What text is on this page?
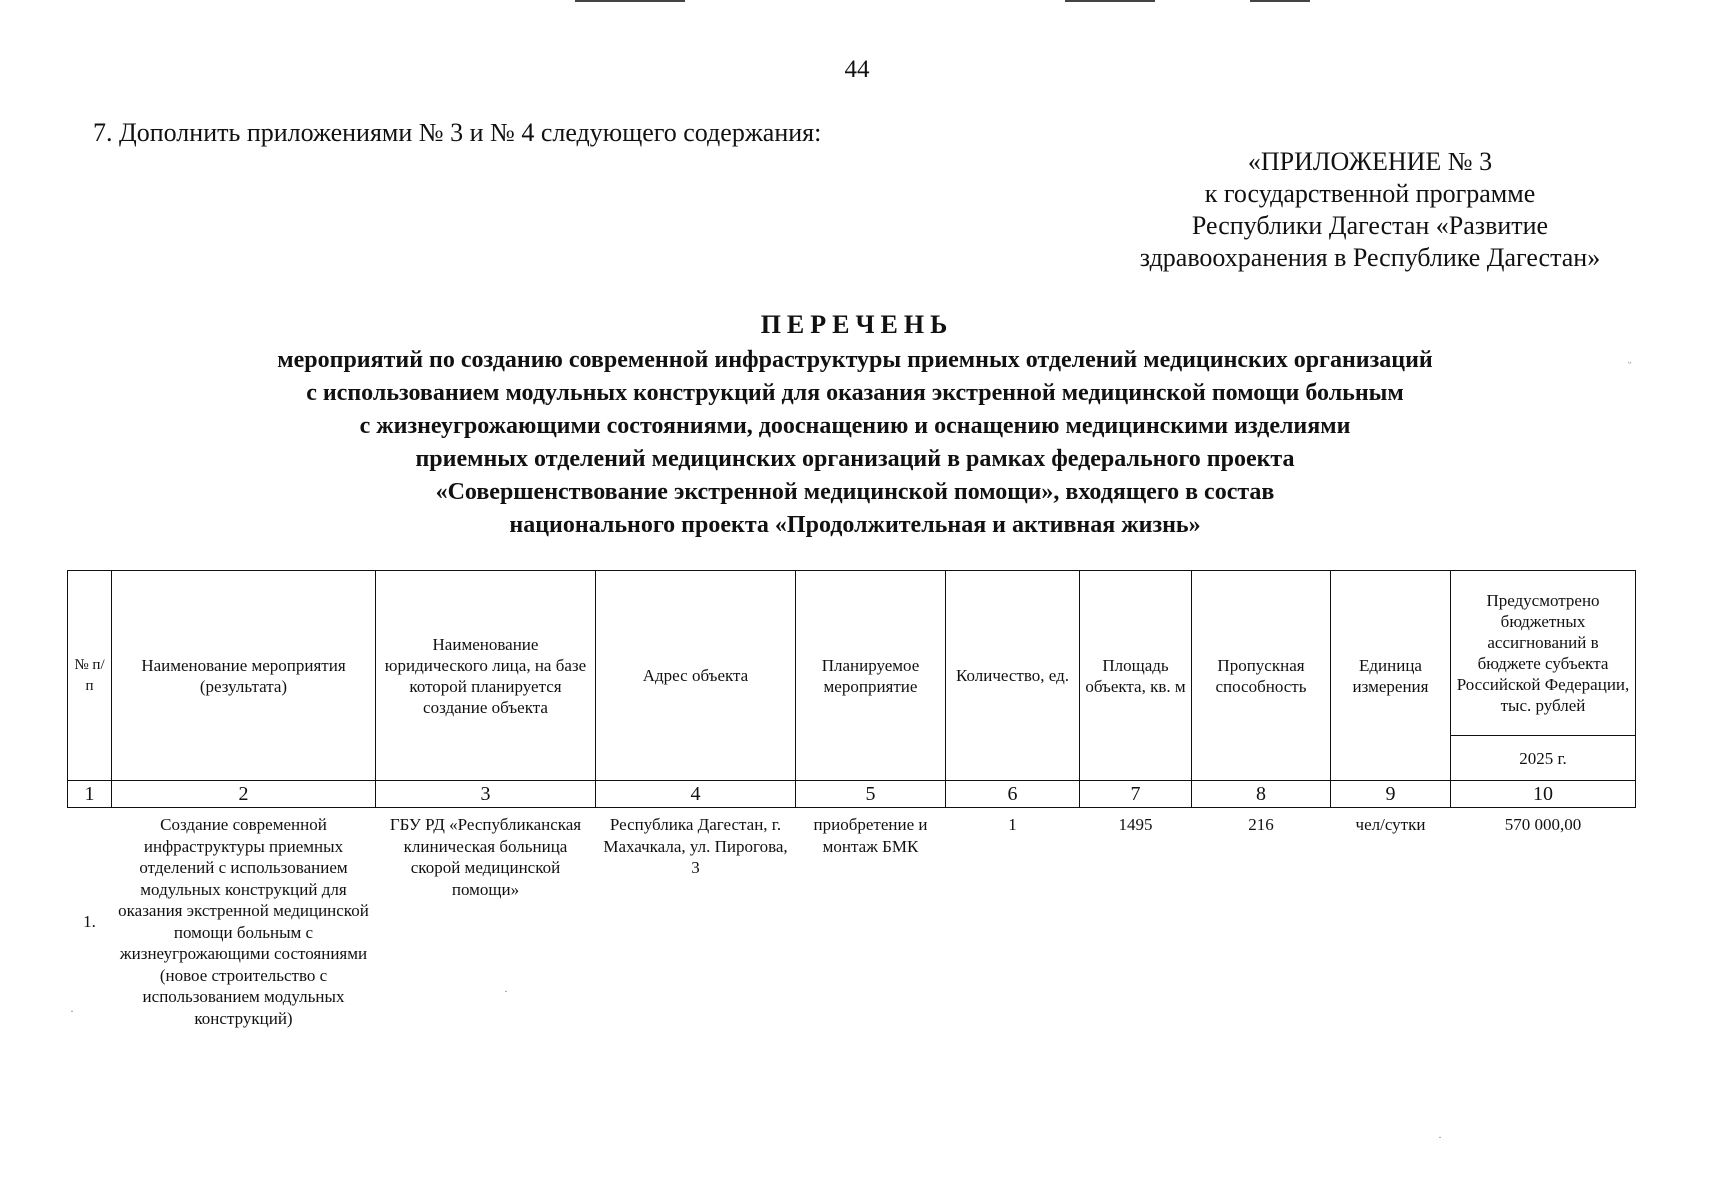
44
7. Дополнить приложениями № 3 и № 4 следующего содержания:
«ПРИЛОЖЕНИЕ № 3
к государственной программе
Республики Дагестан «Развитие
здравоохранения в Республике Дагестан»
ПЕРЕЧЕНЬ
мероприятий по созданию современной инфраструктуры приемных отделений медицинских организаций
с использованием модульных конструкций для оказания экстренной медицинской помощи больным
с жизнеугрожающими состояниями, дооснащению и оснащению медицинскими изделиями
приемных отделений медицинских организаций в рамках федерального проекта
«Совершенствование экстренной медицинской помощи», входящего в состав
национального проекта «Продолжительная и активная жизнь»
№ п/п	Наименование мероприятия (результата)	Наименование юридического лица, на базе которой планируется создание объекта	Адрес объекта	Планируемое мероприятие	Количество, ед.	Площадь объекта, кв. м	Пропускная способность	Единица измерения	Предусмотрено бюджетных ассигнований в бюджете субъекта Российской Федерации, тыс. рублей
									2025 г.
1	2	3	4	5	6	7	8	9	10
1.	Создание современной инфраструктуры приемных отделений с использованием модульных конструкций для оказания экстренной медицинской помощи больным с жизнеугрожающими состояниями (новое строительство с использованием модульных конструкций)	ГБУ РД «Республиканская клиническая больница скорой медицинской помощи»	Республика Дагестан, г. Махачкала, ул. Пирогова, 3	приобретение и монтаж БМК	1	1495	216	чел/сутки	570 000,00
ᵕ
·
·
·
